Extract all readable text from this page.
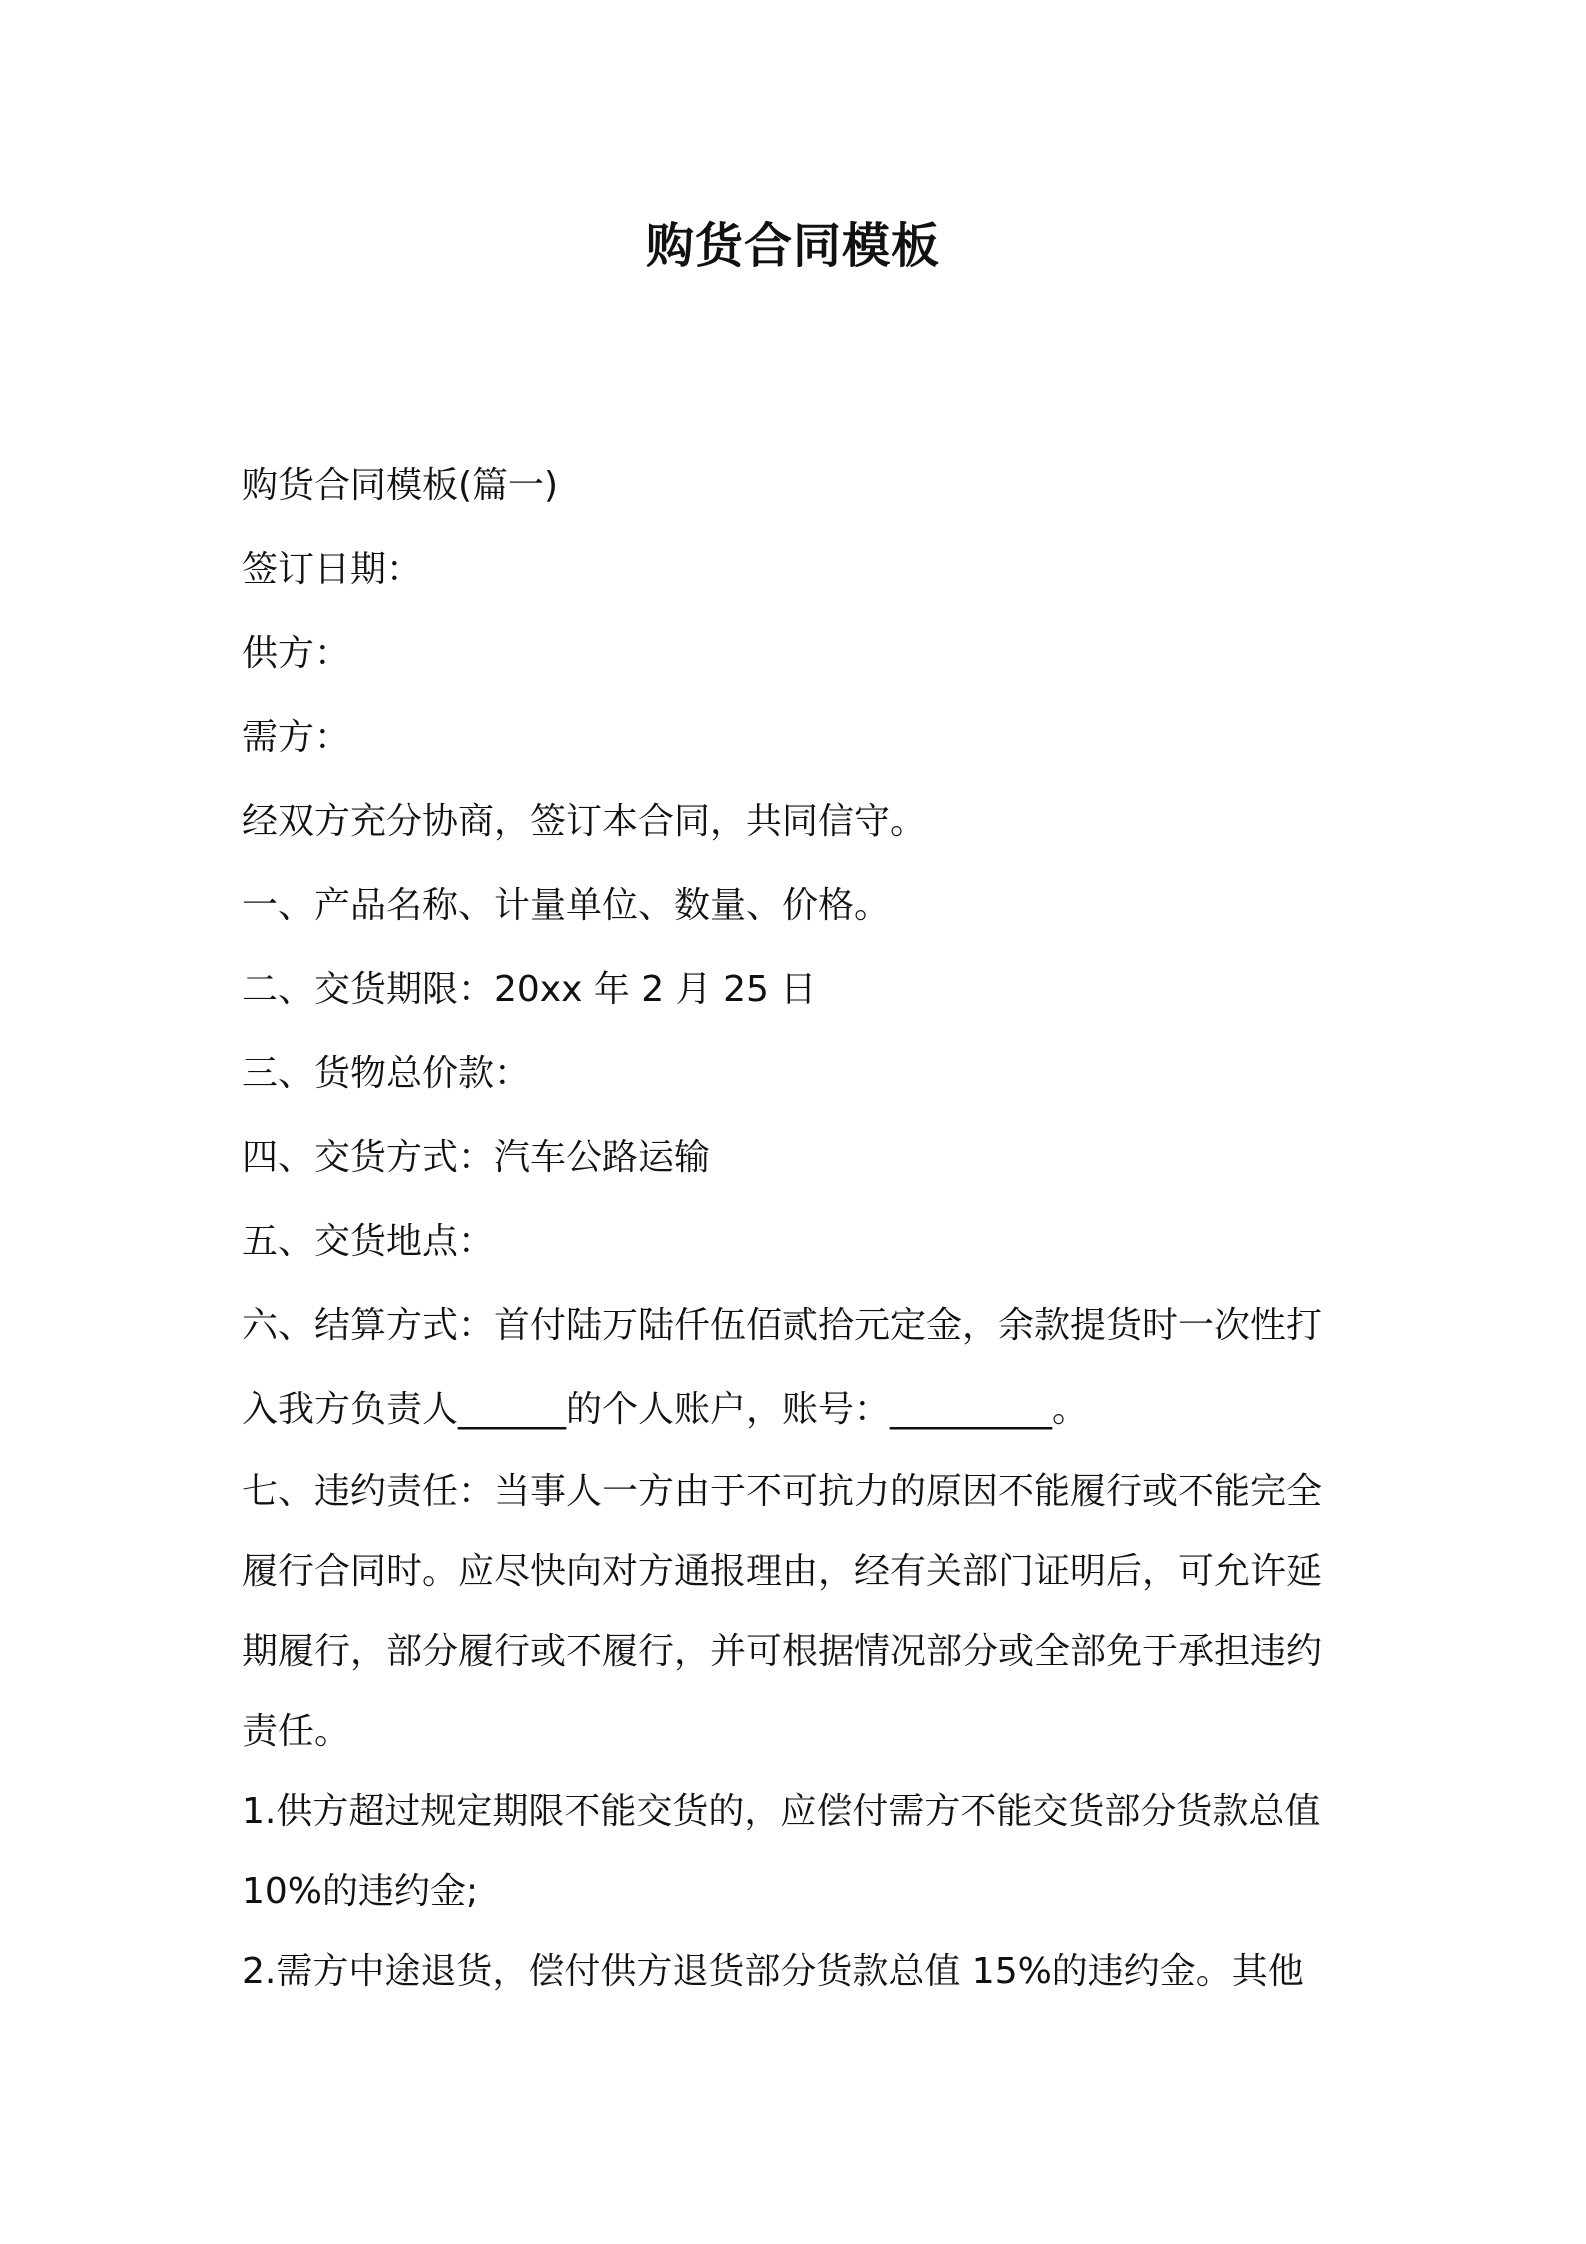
购货合同模板
购货合同模板(篇一)
签订日期：
供方：
需方：
经双方充分协商，签订本合同，共同信守。
一、产品名称、计量单位、数量、价格。
二、交货期限：20xx 年 2 月 25 日
三、货物总价款：
四、交货方式：汽车公路运输
五、交货地点：
六、结算方式：首付陆万陆仟伍佰贰拾元定金，余款提货时一次性打
入我方负责人______的个人账户，账号：_________。
七、违约责任：当事人一方由于不可抗力的原因不能履行或不能完全
履行合同时。应尽快向对方通报理由，经有关部门证明后，可允许延
期履行，部分履行或不履行，并可根据情况部分或全部免于承担违约
责任。
1.供方超过规定期限不能交货的，应偿付需方不能交货部分货款总值
10%的违约金;
2.需方中途退货，偿付供方退货部分货款总值 15%的违约金。其他
